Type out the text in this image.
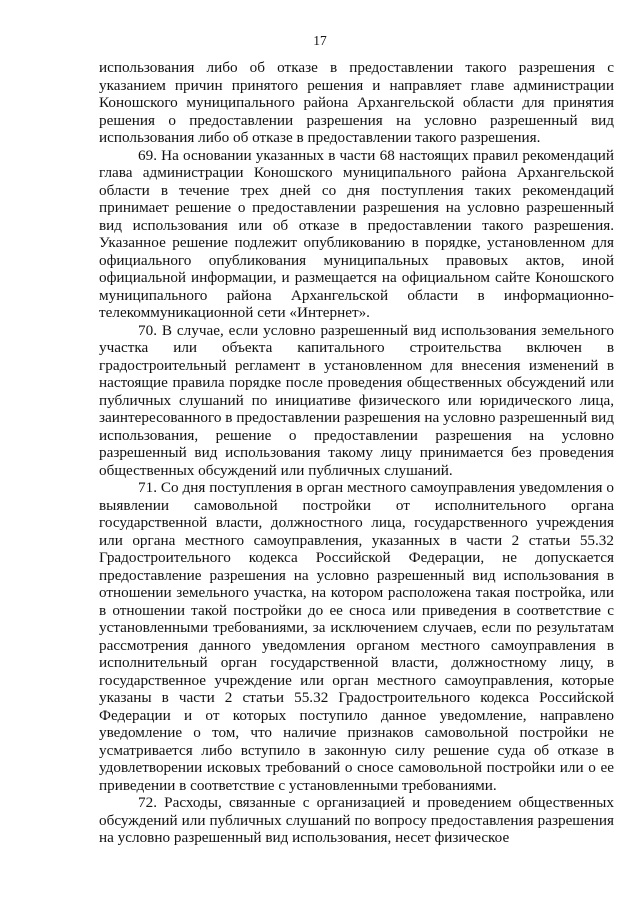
17

использования либо об отказе в предоставлении такого разрешения с указанием причин принятого решения и направляет главе администрации Коношского муниципального района Архангельской области для принятия решения о предоставлении разрешения на условно разрешенный вид использования либо об отказе в предоставлении такого разрешения.

69. На основании указанных в части 68 настоящих правил рекомендаций глава администрации Коношского муниципального района Архангельской области в течение трех дней со дня поступления таких рекомендаций принимает решение о предоставлении разрешения на условно разрешенный вид использования или об отказе в предоставлении такого разрешения. Указанное решение подлежит опубликованию в порядке, установленном для официального опубликования муниципальных правовых актов, иной официальной информации, и размещается на официальном сайте Коношского муниципального района Архангельской области в информационно-телекоммуникационной сети «Интернет».

70. В случае, если условно разрешенный вид использования земельного участка или объекта капитального строительства включен в градостроительный регламент в установленном для внесения изменений в настоящие правила порядке после проведения общественных обсуждений или публичных слушаний по инициативе физического или юридического лица, заинтересованного в предоставлении разрешения на условно разрешенный вид использования, решение о предоставлении разрешения на условно разрешенный вид использования такому лицу принимается без проведения общественных обсуждений или публичных слушаний.

71. Со дня поступления в орган местного самоуправления уведомления о выявлении самовольной постройки от исполнительного органа государственной власти, должностного лица, государственного учреждения или органа местного самоуправления, указанных в части 2 статьи 55.32 Градостроительного кодекса Российской Федерации, не допускается предоставление разрешения на условно разрешенный вид использования в отношении земельного участка, на котором расположена такая постройка, или в отношении такой постройки до ее сноса или приведения в соответствие с установленными требованиями, за исключением случаев, если по результатам рассмотрения данного уведомления органом местного самоуправления в исполнительный орган государственной власти, должностному лицу, в государственное учреждение или орган местного самоуправления, которые указаны в части 2 статьи 55.32 Градостроительного кодекса Российской Федерации и от которых поступило данное уведомление, направлено уведомление о том, что наличие признаков самовольной постройки не усматривается либо вступило в законную силу решение суда об отказе в удовлетворении исковых требований о сносе самовольной постройки или о ее приведении в соответствие с установленными требованиями.

72. Расходы, связанные с организацией и проведением общественных обсуждений или публичных слушаний по вопросу предоставления разрешения на условно разрешенный вид использования, несет физическое
